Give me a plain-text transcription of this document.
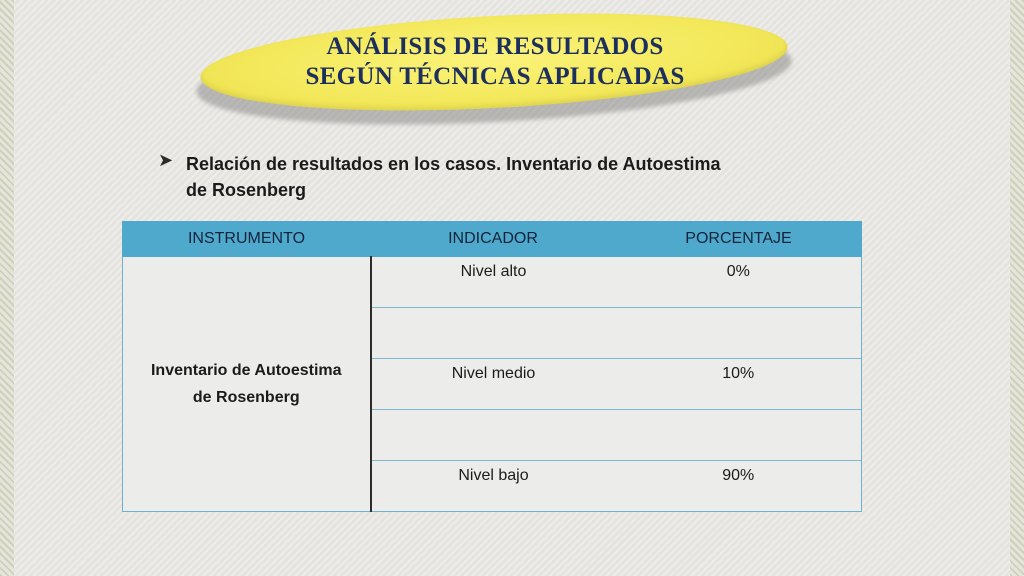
ANÁLISIS DE RESULTADOS
SEGÚN TÉCNICAS APLICADAS
➤ Relación de resultados en los casos. Inventario de Autoestima
de Rosenberg
INSTRUMENTO	INDICADOR	PORCENTAJE

Inventario de Autoestima
de Rosenberg	Nivel alto	0%

	Nivel medio	10%

	Nivel bajo	90%
